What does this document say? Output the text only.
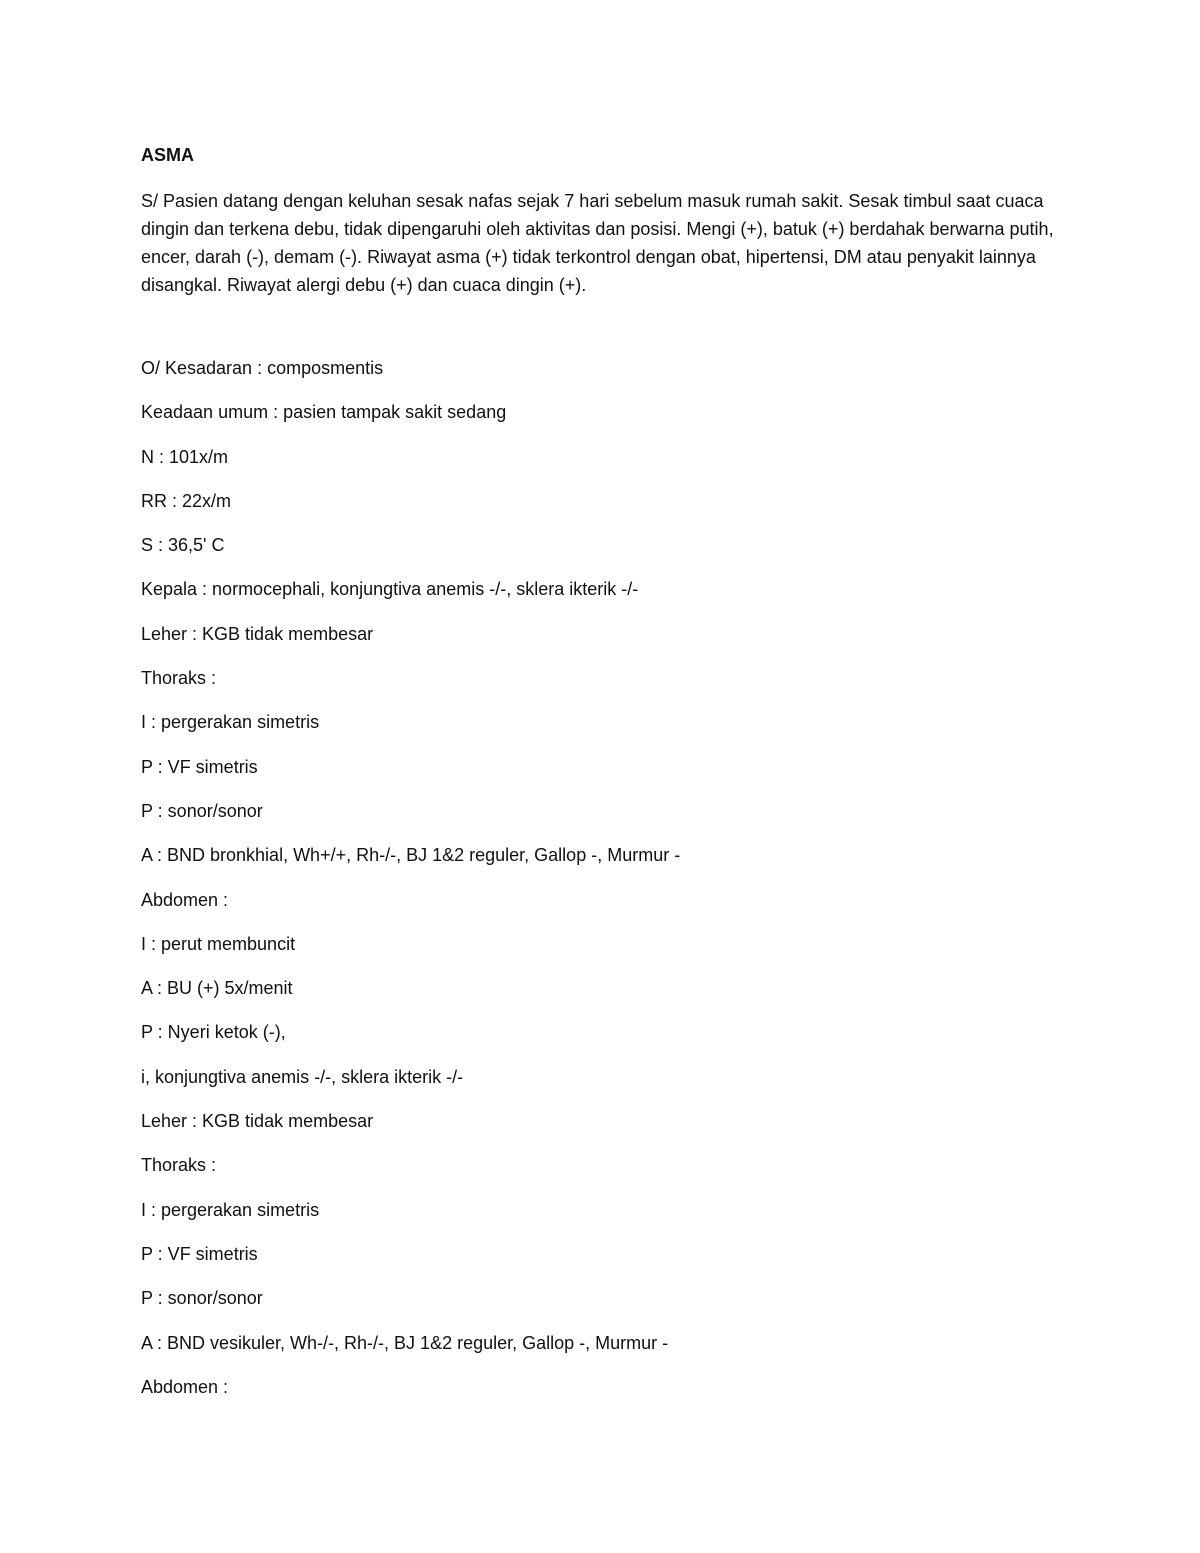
ASMA

S/ Pasien datang dengan keluhan sesak nafas sejak 7 hari sebelum masuk rumah sakit. Sesak timbul saat cuaca dingin dan terkena debu, tidak dipengaruhi oleh aktivitas dan posisi. Mengi (+), batuk (+) berdahak berwarna putih, encer, darah (-), demam (-). Riwayat asma (+) tidak terkontrol dengan obat, hipertensi, DM atau penyakit lainnya disangkal. Riwayat alergi debu (+) dan cuaca dingin (+).

O/ Kesadaran : composmentis
Keadaan umum : pasien tampak sakit sedang
N : 101x/m
RR : 22x/m
S : 36,5' C
Kepala : normocephali, konjungtiva anemis -/-, sklera ikterik -/-
Leher : KGB tidak membesar
Thoraks :
I : pergerakan simetris
P : VF simetris
P : sonor/sonor
A : BND bronkhial, Wh+/+, Rh-/-, BJ 1&2 reguler, Gallop -, Murmur -
Abdomen :
I : perut membuncit
A : BU (+) 5x/menit
P : Nyeri ketok (-),
i, konjungtiva anemis -/-, sklera ikterik -/-
Leher : KGB tidak membesar
Thoraks :
I : pergerakan simetris
P : VF simetris
P : sonor/sonor
A : BND vesikuler, Wh-/-, Rh-/-, BJ 1&2 reguler, Gallop -, Murmur -
Abdomen :
